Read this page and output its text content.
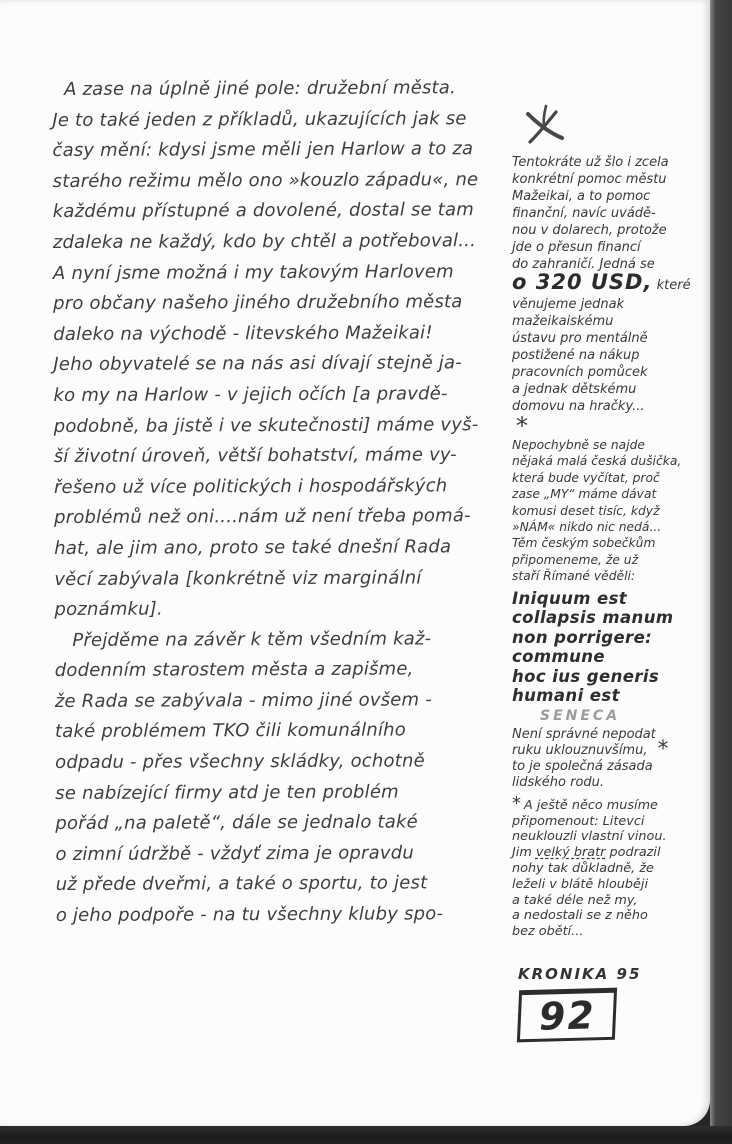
A zase na úplně jiné pole: družební města.
Je to také jeden z příkladů, ukazujících jak se
časy mění: kdysi jsme měli jen Harlow a to za
starého režimu mělo ono »kouzlo západu«, ne
každému přístupné a dovolené, dostal se tam
zdaleka ne každý, kdo by chtěl a potřeboval...
A nyní jsme možná i my takovým Harlovem
pro občany našeho jiného družebního města
daleko na východě - litevského Mažeikai!
Jeho obyvatelé se na nás asi dívají stejně ja-
ko my na Harlow - v jejich očích [a pravdě-
podobně, ba jistě i ve skutečnosti] máme vyš-
ší životní úroveň, větší bohatství, máme vy-
řešeno už více politických i hospodářských
problémů než oni....nám už není třeba pomá-
hat, ale jim ano, proto se také dnešní Rada
věcí zabývala [konkrétně viz marginální
poznámku].
Přejděme na závěr k těm všedním kaž-
dodenním starostem města a zapišme,
že Rada se zabývala - mimo jiné ovšem -
také problémem TKO čili komunálního
odpadu - přes všechny skládky, ochotně
se nabízející firmy atd je ten problém
pořád „na paletě“, dále se jednalo také
o zimní údržbě - vždyť zima je opravdu
už přede dveřmi, a také o sportu, to jest
o jeho podpoře - na tu všechny kluby spo-
Tentokráte už šlo i zcela
konkrétní pomoc městu
Mažeikai, a to pomoc
finanční, navíc uvádě-
nou v dolarech, protože
jde o přesun financí
do zahraničí. Jedná se
o 320 USD, které
věnujeme jednak
mažeikaiskému
ústavu pro mentálně
postižené na nákup
pracovních pomůcek
a jednak dětskému
domovu na hračky...
*
Nepochybně se najde
nějaká malá česká dušička,
která bude vyčítat, proč
zase „MY“ máme dávat
komusi deset tisíc, když
»NÁM« nikdo nic nedá...
Těm českým sobečkům
připomeneme, že už
staří Římané věděli:
Iniquum est
collapsis manum
non porrigere:
commune
hoc ius generis
humani est
SENECA
Není správné nepodat
ruku uklouznuvšímu, *
to je společná zásada
lidského rodu.
* A ještě něco musíme
připomenout: Litevci
neuklouzli vlastní vinou.
Jim velký bratr podrazil
nohy tak důkladně, že
leželi v blátě hlouběji
a také déle než my,
a nedostali se z něho
bez obětí...
KRONIKA 95
92
